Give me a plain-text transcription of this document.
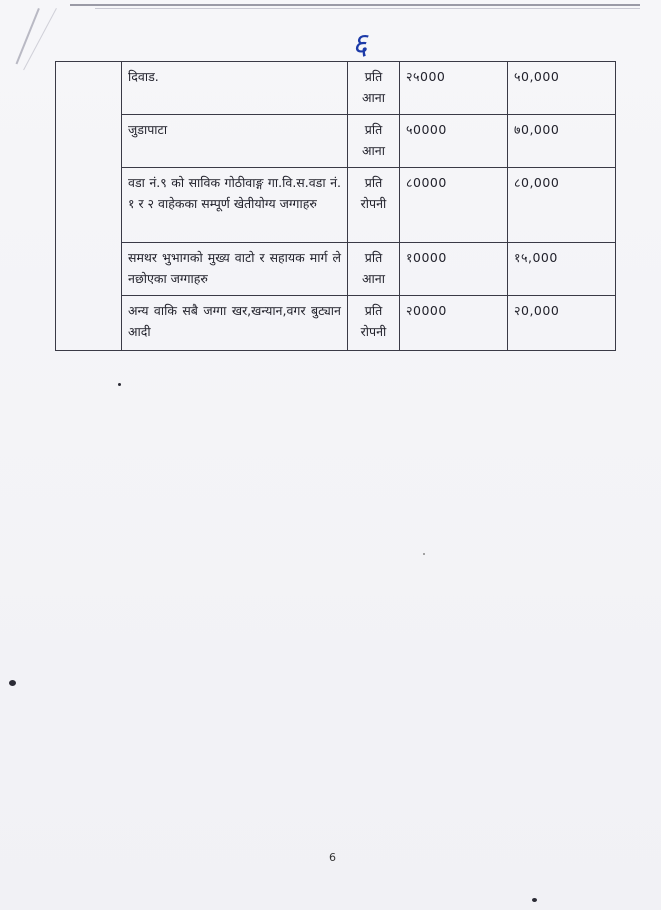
६
	दिवाड.	प्रति आना	२५000	५0,000
	जुडापाटा	प्रति आना	५0000	७0,000
	वडा नं.९ को साविक गोठीवाङ्ग गा.वि.स.वडा नं. १ र २ वाहेकका सम्पूर्ण खेतीयोग्य जग्गाहरु	प्रति रोपनी	८0000	८0,000
	समथर भुभागको मुख्य वाटो र सहायक मार्ग ले नछोएका जग्गाहरु	प्रति आना	१0000	१५,000
	अन्य वाकि सबै जग्गा खर,खन्यान,वगर बुट्यान आदी	प्रति रोपनी	२0000	२0,000
6
